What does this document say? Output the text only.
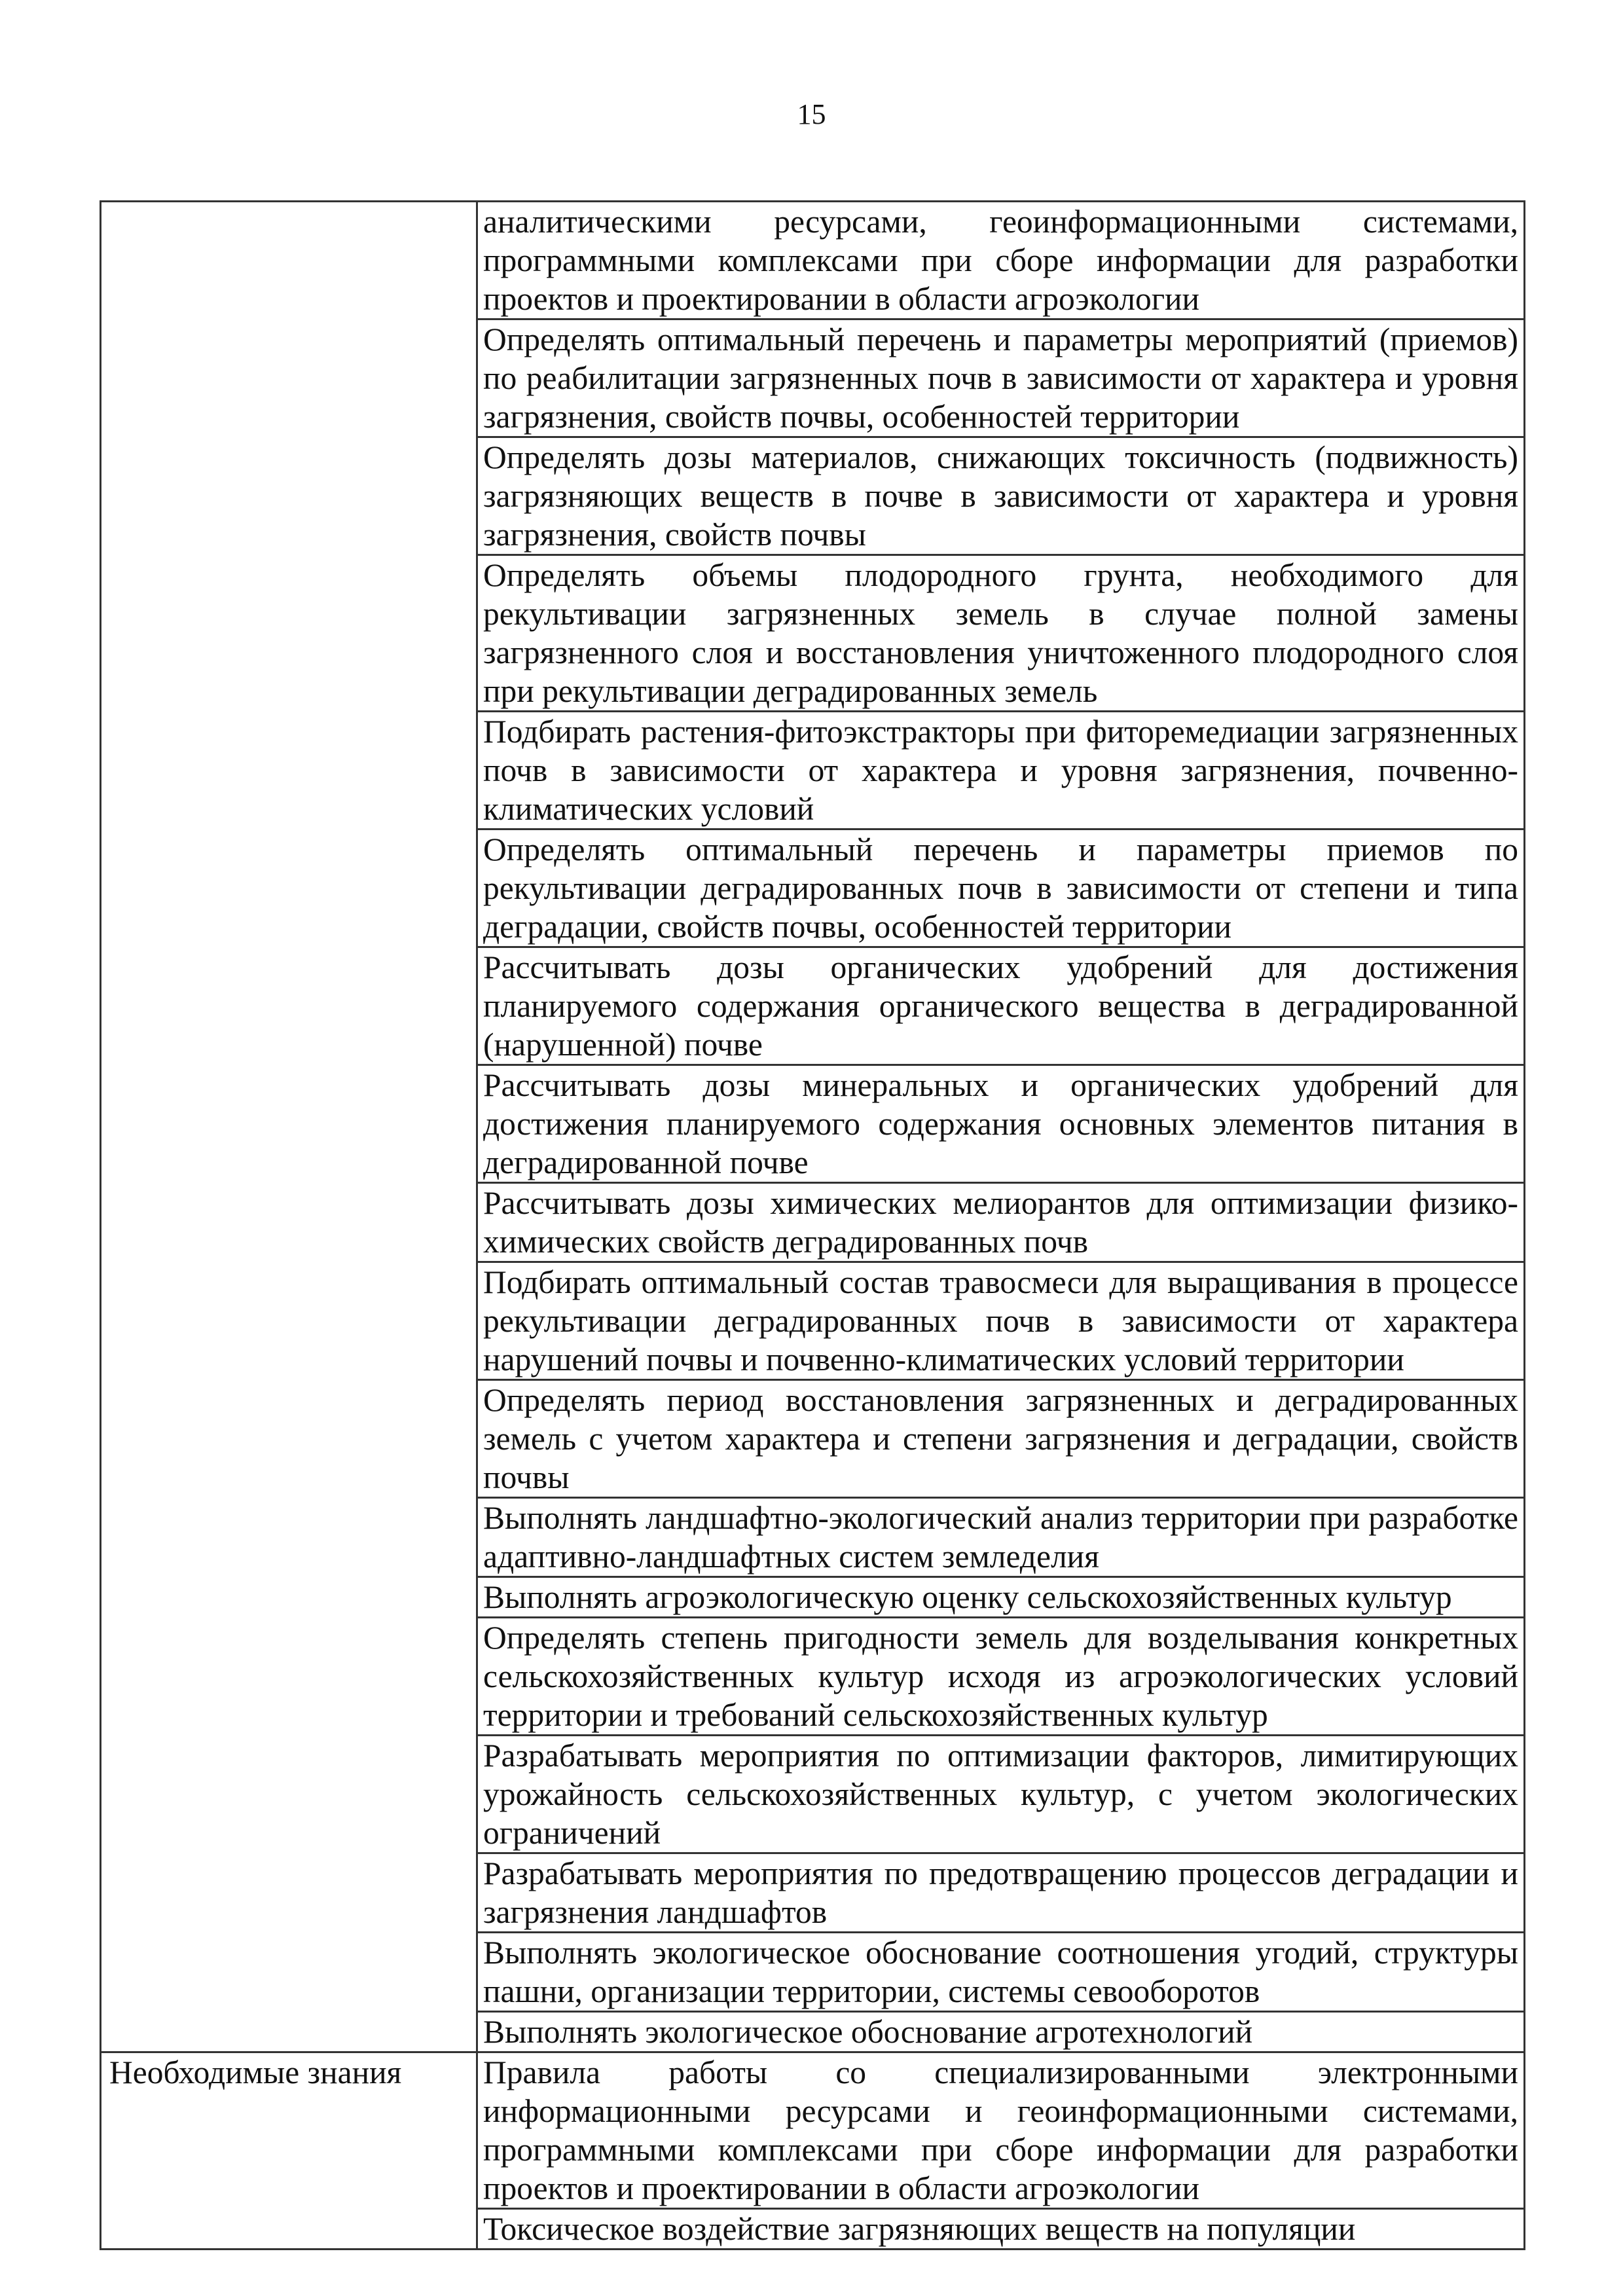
15

	аналитическими ресурсами, геоинформационными системами, программными комплексами при сборе информации для разработки проектов и проектировании в области агроэкологии

	Определять оптимальный перечень и параметры мероприятий (приемов) по реабилитации загрязненных почв в зависимости от характера и уровня загрязнения, свойств почвы, особенностей территории

	Определять дозы материалов, снижающих токсичность (подвижность) загрязняющих веществ в почве в зависимости от характера и уровня загрязнения, свойств почвы

	Определять объемы плодородного грунта, необходимого для рекультивации загрязненных земель в случае полной замены загрязненного слоя и восстановления уничтоженного плодородного слоя при рекультивации деградированных земель

	Подбирать растения-фитоэкстракторы при фиторемедиации загрязненных почв в зависимости от характера и уровня загрязнения, почвенно-климатических условий

	Определять оптимальный перечень и параметры приемов по рекультивации деградированных почв в зависимости от степени и типа деградации, свойств почвы, особенностей территории

	Рассчитывать дозы органических удобрений для достижения планируемого содержания органического вещества в деградированной (нарушенной) почве

	Рассчитывать дозы минеральных и органических удобрений для достижения планируемого содержания основных элементов питания в деградированной почве

	Рассчитывать дозы химических мелиорантов для оптимизации физико-химических свойств деградированных почв

	Подбирать оптимальный состав травосмеси для выращивания в процессе рекультивации деградированных почв в зависимости от характера нарушений почвы и почвенно-климатических условий территории

	Определять период восстановления загрязненных и деградированных земель с учетом характера и степени загрязнения и деградации, свойств почвы

	Выполнять ландшафтно-экологический анализ территории при разработке адаптивно-ландшафтных систем земледелия

	Выполнять агроэкологическую оценку сельскохозяйственных культур

	Определять степень пригодности земель для возделывания конкретных сельскохозяйственных культур исходя из агроэкологических условий территории и требований сельскохозяйственных культур

	Разрабатывать мероприятия по оптимизации факторов, лимитирующих урожайность сельскохозяйственных культур, с учетом экологических ограничений

	Разрабатывать мероприятия по предотвращению процессов деградации и загрязнения ландшафтов

	Выполнять экологическое обоснование соотношения угодий, структуры пашни, организации территории, системы севооборотов

	Выполнять экологическое обоснование агротехнологий

Необходимые знания	Правила работы со специализированными электронными информационными ресурсами и геоинформационными системами, программными комплексами при сборе информации для разработки проектов и проектировании в области агроэкологии

	Токсическое воздействие загрязняющих веществ на популяции
